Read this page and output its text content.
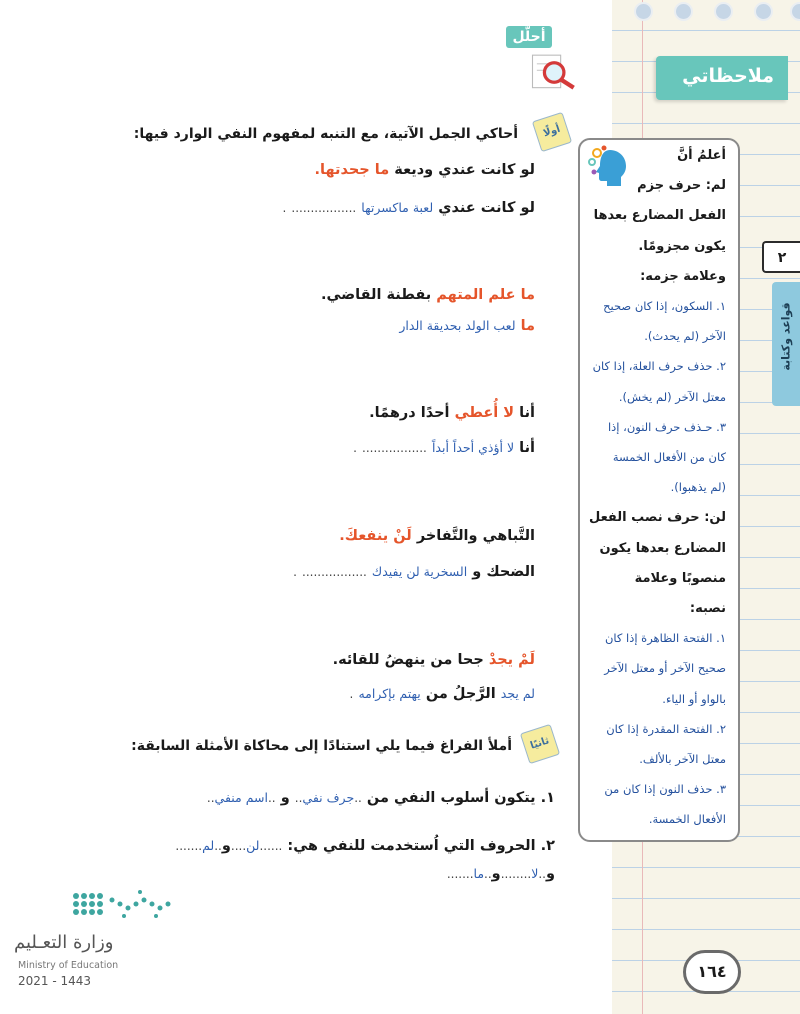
ملاحظاتي
٢
قواعد وكتابة
أعلمُ أنَّ
لم: حرف جزم
الفعل المضارع بعدها
يكون مجزومًا.
وعلامة جزمه:
١. السكون، إذا كان صحيح
الآخر (لم يحدث).
٢. حذف حرف العلة، إذا كان
معتل الآخر (لم يخش).
٣. حـذف حرف النون، إذا
كان من الأفعال الخمسة
(لم يذهبوا).
لن: حرف نصب الفعل
المضارع بعدها يكون
منصوبًا وعلامة
نصبه:
١. الفتحة الظاهرة إذا كان
صحيح الآخر أو معتل الآخر
بالواو أو الياء.
٢. الفتحة المقدرة إذا كان
معتل الآخر بالألف.
٣. حذف النون إذا كان من
الأفعال الخمسة.
أحلّل
أولًا
أحاكي الجمل الآتية، مع التنبه لمفهوم النفي الوارد فيها:
لو كانت عندي وديعة ما جحدتها.
لو كانت عندي لعبة ماكسرتها ................. .
ما علم المتهم بفطنة القاضي.
ما لعب الولد بحديقة الدار
أنا لا أُعطي أحدًا درهمًا.
أنا لا أؤذي أحداً أبداً ................. .
التَّباهي والتَّفاخر لَنْ ينفعكَ.
الضحك و السخرية لن يفيدك ................. .
لَمْ يجدْ جحا من ينهضُ للقائه.
لم يجد الرَّجلُ من يهتم بإكرامه .
ثانيًا
أملأ الفراغ فيما يلي استنادًا إلى محاكاة الأمثلة السابقة:
١. يتكون أسلوب النفي من ..جرف نفي.. و ..اسم منفي..
٢. الحروف التي اُستخدمت للنفي هي: ......لن....و..لم.......
و..لا........و..ما.......
وزارة التعـليم
Ministry of Education
2021 - 1443	١٦٤
